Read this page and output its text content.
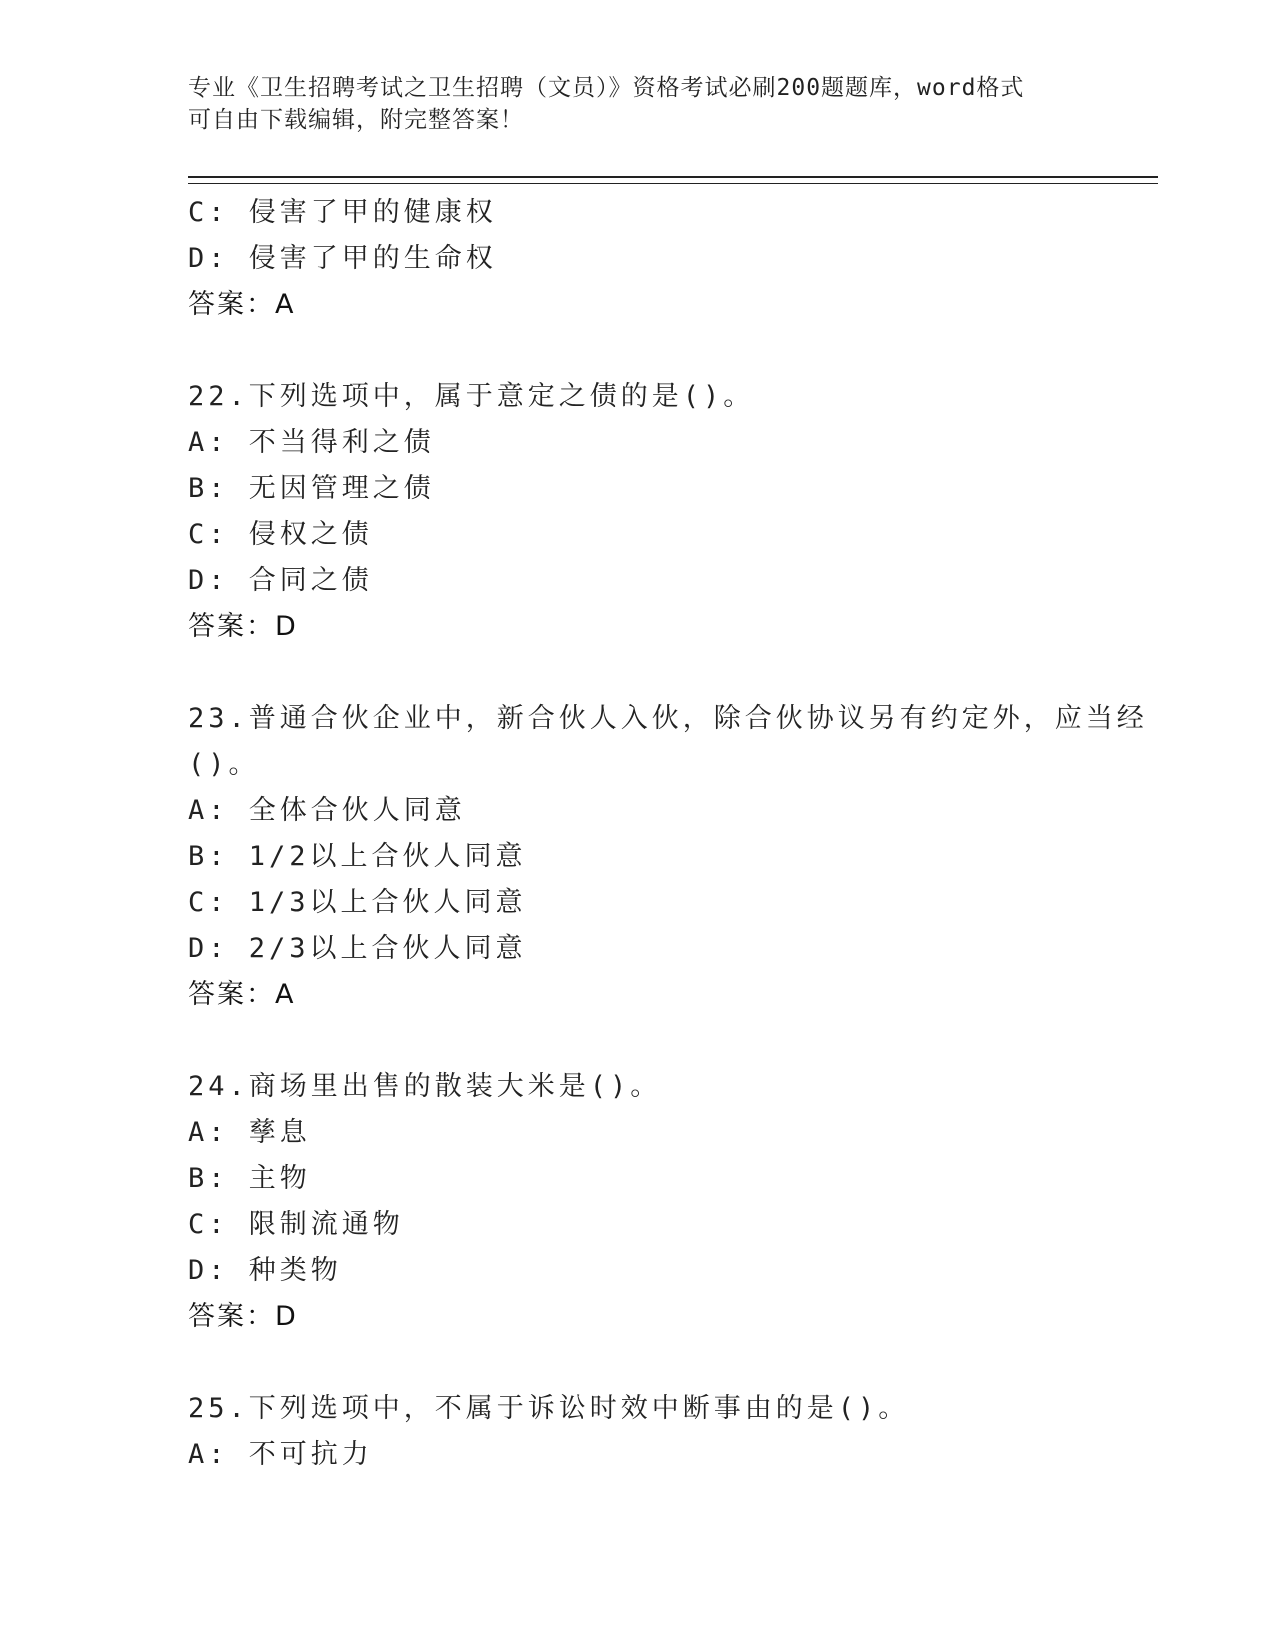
专业《卫生招聘考试之卫生招聘（文员）》资格考试必刷200题题库，word格式
可自由下载编辑，附完整答案！
C: 侵害了甲的健康权
D: 侵害了甲的生命权
答案：A
22.下列选项中，属于意定之债的是()。
A: 不当得利之债
B: 无因管理之债
C: 侵权之债
D: 合同之债
答案：D
23.普通合伙企业中，新合伙人入伙，除合伙协议另有约定外，应当经
()。
A: 全体合伙人同意
B: 1/2以上合伙人同意
C: 1/3以上合伙人同意
D: 2/3以上合伙人同意
答案：A
24.商场里出售的散装大米是()。
A: 孳息
B: 主物
C: 限制流通物
D: 种类物
答案：D
25.下列选项中，不属于诉讼时效中断事由的是()。
A: 不可抗力
